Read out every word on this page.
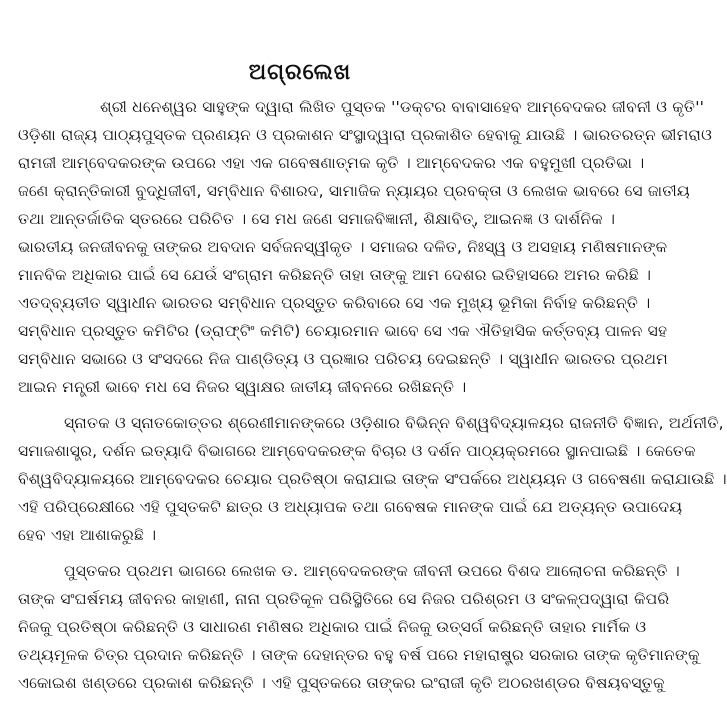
ଅଗ୍ରଲେଖ
ଶ୍ରୀ ଧନେଶ୍ୱର ସାହୁଙ୍କ ଦ୍ୱାରା ଲିଖିତ ପୁସ୍ତକ ''ଡକ୍ଟର ବାବାସାହେବ ଆମ୍ବେଦକର ଜୀବନୀ ଓ କୃତି''
ଓଡ଼ିଶା ରାଜ୍ୟ ପାଠ୍ୟପୁସ୍ତକ ପ୍ରଣୟନ ଓ ପ୍ରକାଶନ ସଂସ୍ଥାଦ୍ୱାରା ପ୍ରକାଶିତ ହେବାକୁ ଯାଉଛି । ଭାରତରତ୍ନ ଭୀମରାଓ
ରାମଜୀ ଆମ୍ବେଦକରଙ୍କ ଉପରେ ଏହା ଏକ ଗବେଷଣାତ୍ମକ କୃତି । ଆମ୍ବେଦକର ଏକ ବହୁମୁଖୀ ପ୍ରତିଭା ।
ଜଣେ କ୍ରାନ୍ତିକାରୀ ବୁଦ୍ଧିଜୀବୀ, ସମ୍ବିଧାନ ବିଶାରଦ, ସାମାଜିକ ନ୍ୟାୟର ପ୍ରବକ୍ତା ଓ ଲେଖକ ଭାବରେ ସେ ଜାତୀୟ
ତଥା ଆନ୍ତର୍ଜାତିକ ସ୍ତରରେ ପରିଚିତ । ସେ ମଧ ଜଣେ ସମାଜବିଜ୍ଞାନୀ, ଶିକ୍ଷାବିତ୍, ଆଇନଜ୍ଞ ଓ ଦାର୍ଶନିକ ।
ଭାରତୀୟ ଜନଜୀବନକୁ ତାଙ୍କର ଅବଦାନ ସର୍ବଜନସ୍ୱୀକୃତ । ସମାଜର ଦଳିତ, ନିଃସ୍ୱ ଓ ଅସହାୟ ମଣିଷମାନଙ୍କ
ମାନବିକ ଅଧିକାର ପାଇଁ ସେ ଯେଉଁ ସଂଗ୍ରାମ କରିଛନ୍ତି ତାହା ତାଙ୍କୁ ଆମ ଦେଶର ଇତିହାସରେ ଅମର କରିଛି ।
ଏତଦ୍‌ବ୍ୟତୀତ ସ୍ୱାଧୀନ ଭାରତର ସମ୍ବିଧାନ ପ୍ରସ୍ତୁତ କରିବାରେ ସେ ଏକ ମୁଖ୍ୟ ଭୂମିକା ନିର୍ବାହ କରିଛନ୍ତି ।
ସମ୍ବିଧାନ ପ୍ରସ୍ତୁତ କମିଟିର (ଡ୍ରାଫ୍‌ଟିଂ କମିଟି) ଚେୟାରମାନ ଭାବେ ସେ ଏକ ଐତିହାସିକ କର୍ତ୍ତବ୍ୟ ପାଳନ ସହ
ସମ୍ବିଧାନ ସଭାରେ ଓ ସଂସଦରେ ନିଜ ପାଣ୍ଡିତ୍ୟ ଓ ପ୍ରଜ୍ଞାର ପରିଚୟ ଦେଇଛନ୍ତି । ସ୍ୱାଧୀନ ଭାରତର ପ୍ରଥମ
ଆଇନ ମନ୍ତ୍ରୀ ଭାବେ ମଧ ସେ ନିଜର ସ୍ୱାକ୍ଷର ଜାତୀୟ ଜୀବନରେ ରଖିଛନ୍ତି ।
ସ୍ନାତକ ଓ ସ୍ନାତକୋତ୍ତର ଶ୍ରେଣୀମାନଙ୍କରେ ଓଡ଼ିଶାର ବିଭିନ୍ନ ବିଶ୍ୱବିଦ୍ୟାଳୟର ରାଜନୀତି ବିଜ୍ଞାନ, ଅର୍ଥନୀତି,
ସମାଜଶାସ୍ତ୍ର, ଦର୍ଶନ ଇତ୍ୟାଦି ବିଭାଗରେ ଆମ୍ବେଦକରଙ୍କ ବିଚାର ଓ ଦର୍ଶନ ପାଠ୍ୟକ୍ରମରେ ସ୍ଥାନପାଇଛି । କେତେକ
ବିଶ୍ୱବିଦ୍ୟାଳୟରେ ଆମ୍ବେଦକର ଚେୟାର ପ୍ରତିଷ୍ଠା କରାଯାଇ ତାଙ୍କ ସଂପର୍କରେ ଅଧ୍ୟୟନ ଓ ଗବେଷଣା କରାଯାଉଛି ।
ଏହି ପରିପ୍ରେକ୍ଷୀରେ ଏହି ପୁସ୍ତକଟି ଛାତ୍ର ଓ ଅଧ୍ୟାପକ ତଥା ଗବେଷକ ମାନଙ୍କ ପାଇଁ ଯେ ଅତ୍ୟନ୍ତ ଉପାଦେୟ
ହେବ ଏହା ଆଶାକରୁଛି ।
ପୁସ୍ତକର ପ୍ରଥମ ଭାଗରେ ଲେଖକ ଡ. ଆମ୍ବେଦକରଙ୍କ ଜୀବନୀ ଉପରେ ବିଶଦ ଆଲୋଚନା କରିଛନ୍ତି ।
ତାଙ୍କ ସଂଘର୍ଷମୟ ଜୀବନର କାହାଣୀ, ନାନା ପ୍ରତିକୂଳ ପରିସ୍ଥିତିରେ ସେ ନିଜର ପରିଶ୍ରମ ଓ ସଂକଳ୍ପଦ୍ୱାରା କିପରି
ନିଜକୁ ପ୍ରତିଷ୍ଠା କରିଛନ୍ତି ଓ ସାଧାରଣ ମଣିଷର ଅଧିକାର ପାଇଁ ନିଜକୁ ଉତ୍ସର୍ଗ କରିଛନ୍ତି ତାହାର ମାର୍ମିକ ଓ
ତଥ୍ୟମୂଳକ ଚିତ୍ର ପ୍ରଦାନ କରିଛନ୍ତି । ତାଙ୍କ ଦେହାନ୍ତର ବହୁ ବର୍ଷ ପରେ ମହାରାଷ୍ଟ୍ର ସରକାର ତାଙ୍କ କୃତିମାନଙ୍କୁ
ଏକୋଇଶ ଖଣ୍ଡରେ ପ୍ରକାଶ କରିଛନ୍ତି । ଏହି ପୁସ୍ତକରେ ତାଙ୍କର ଇଂରାଜୀ କୃତି ଅଠରଖଣ୍ଡର ବିଷୟବସ୍ତୁକୁ
